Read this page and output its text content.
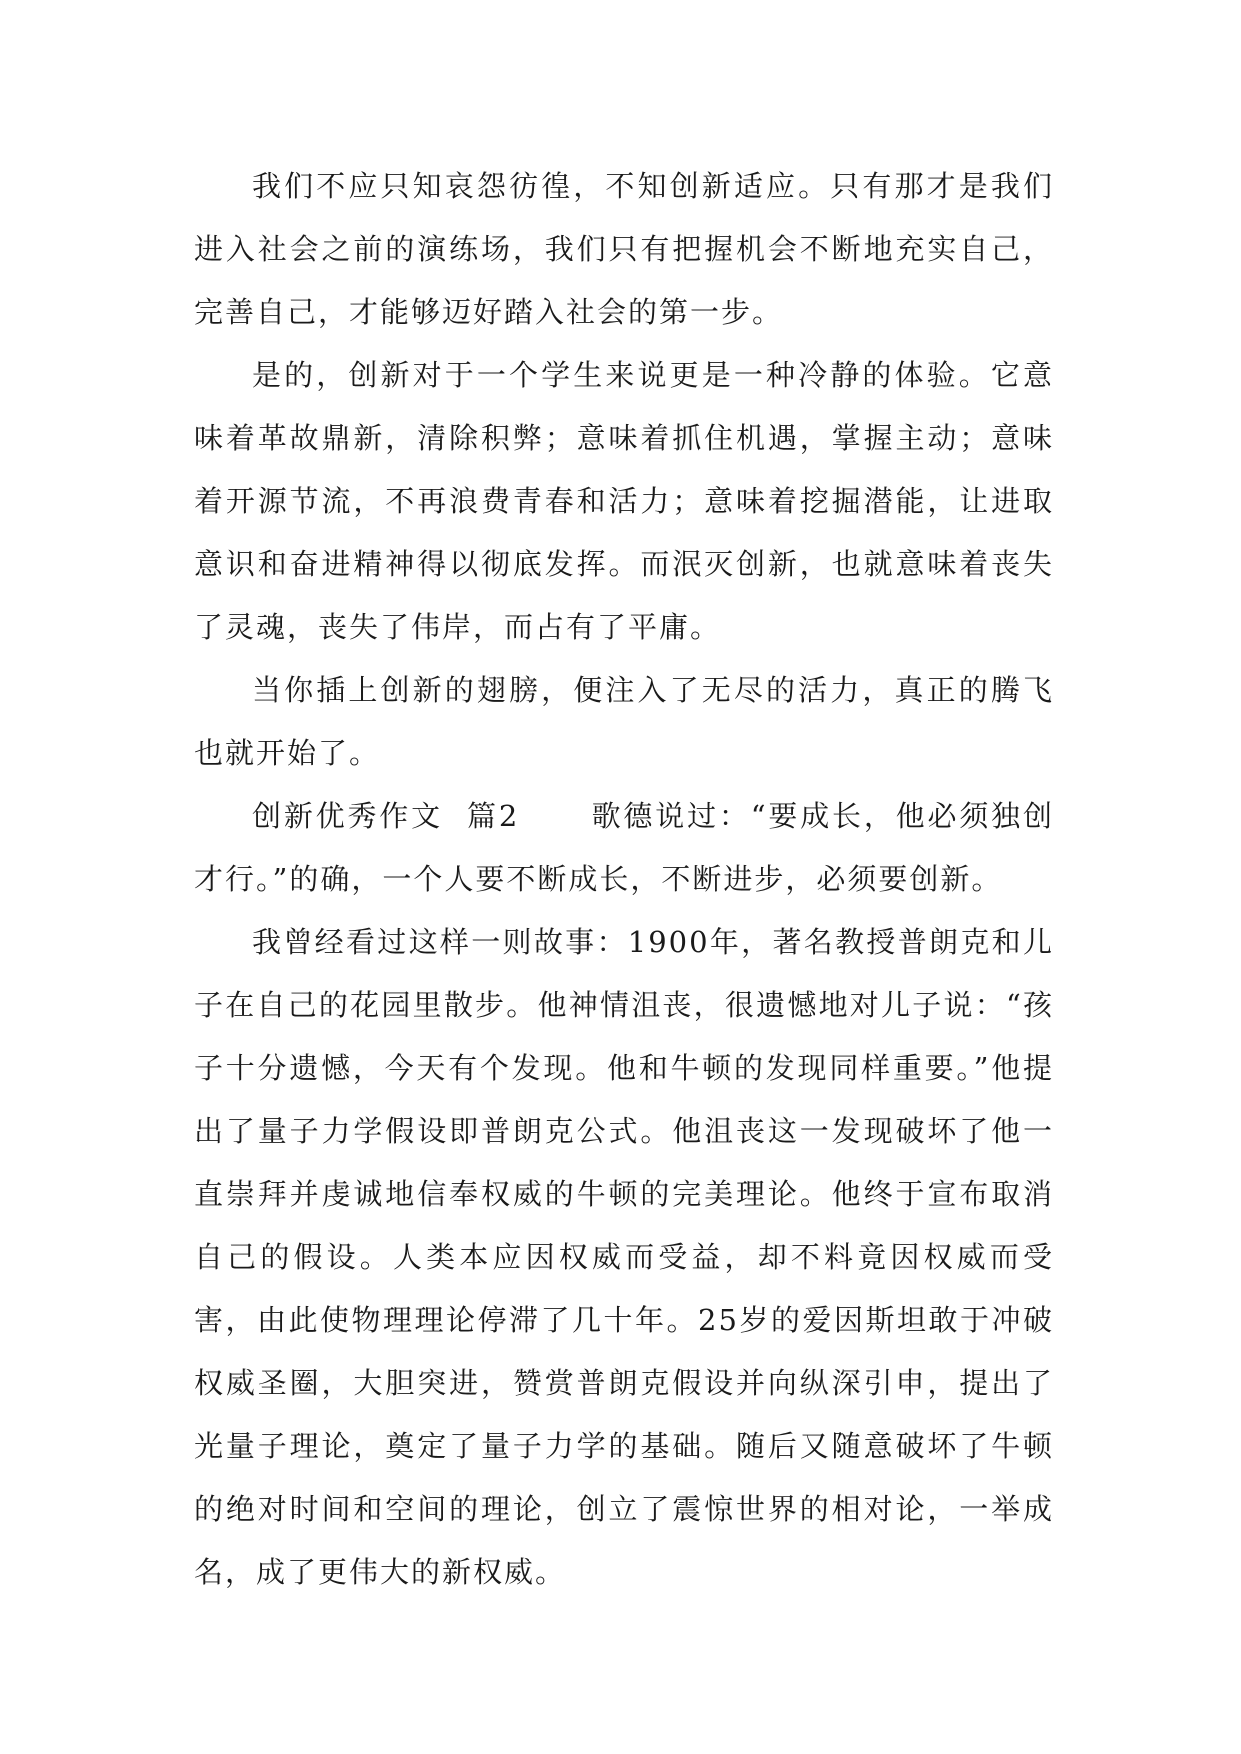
我们不应只知哀怨彷徨，不知创新适应。只有那才是我们进入社会之前的演练场，我们只有把握机会不断地充实自己，完善自己，才能够迈好踏入社会的第一步。

是的，创新对于一个学生来说更是一种冷静的体验。它意味着革故鼎新，清除积弊；意味着抓住机遇，掌握主动；意味着开源节流，不再浪费青春和活力；意味着挖掘潜能，让进取意识和奋进精神得以彻底发挥。而泯灭创新，也就意味着丧失了灵魂，丧失了伟岸，而占有了平庸。

当你插上创新的翅膀，便注入了无尽的活力，真正的腾飞也就开始了。

创新优秀作文  篇2      歌德说过：“要成长，他必须独创才行。”的确，一个人要不断成长，不断进步，必须要创新。

我曾经看过这样一则故事：1900年，著名教授普朗克和儿子在自己的花园里散步。他神情沮丧，很遗憾地对儿子说：“孩子十分遗憾，今天有个发现。他和牛顿的发现同样重要。”他提出了量子力学假设即普朗克公式。他沮丧这一发现破坏了他一直崇拜并虔诚地信奉权威的牛顿的完美理论。他终于宣布取消自己的假设。人类本应因权威而受益，却不料竟因权威而受害，由此使物理理论停滞了几十年。25岁的爱因斯坦敢于冲破权威圣圈，大胆突进，赞赏普朗克假设并向纵深引申，提出了光量子理论，奠定了量子力学的基础。随后又随意破坏了牛顿的绝对时间和空间的理论，创立了震惊世界的相对论，一举成名，成了更伟大的新权威。
